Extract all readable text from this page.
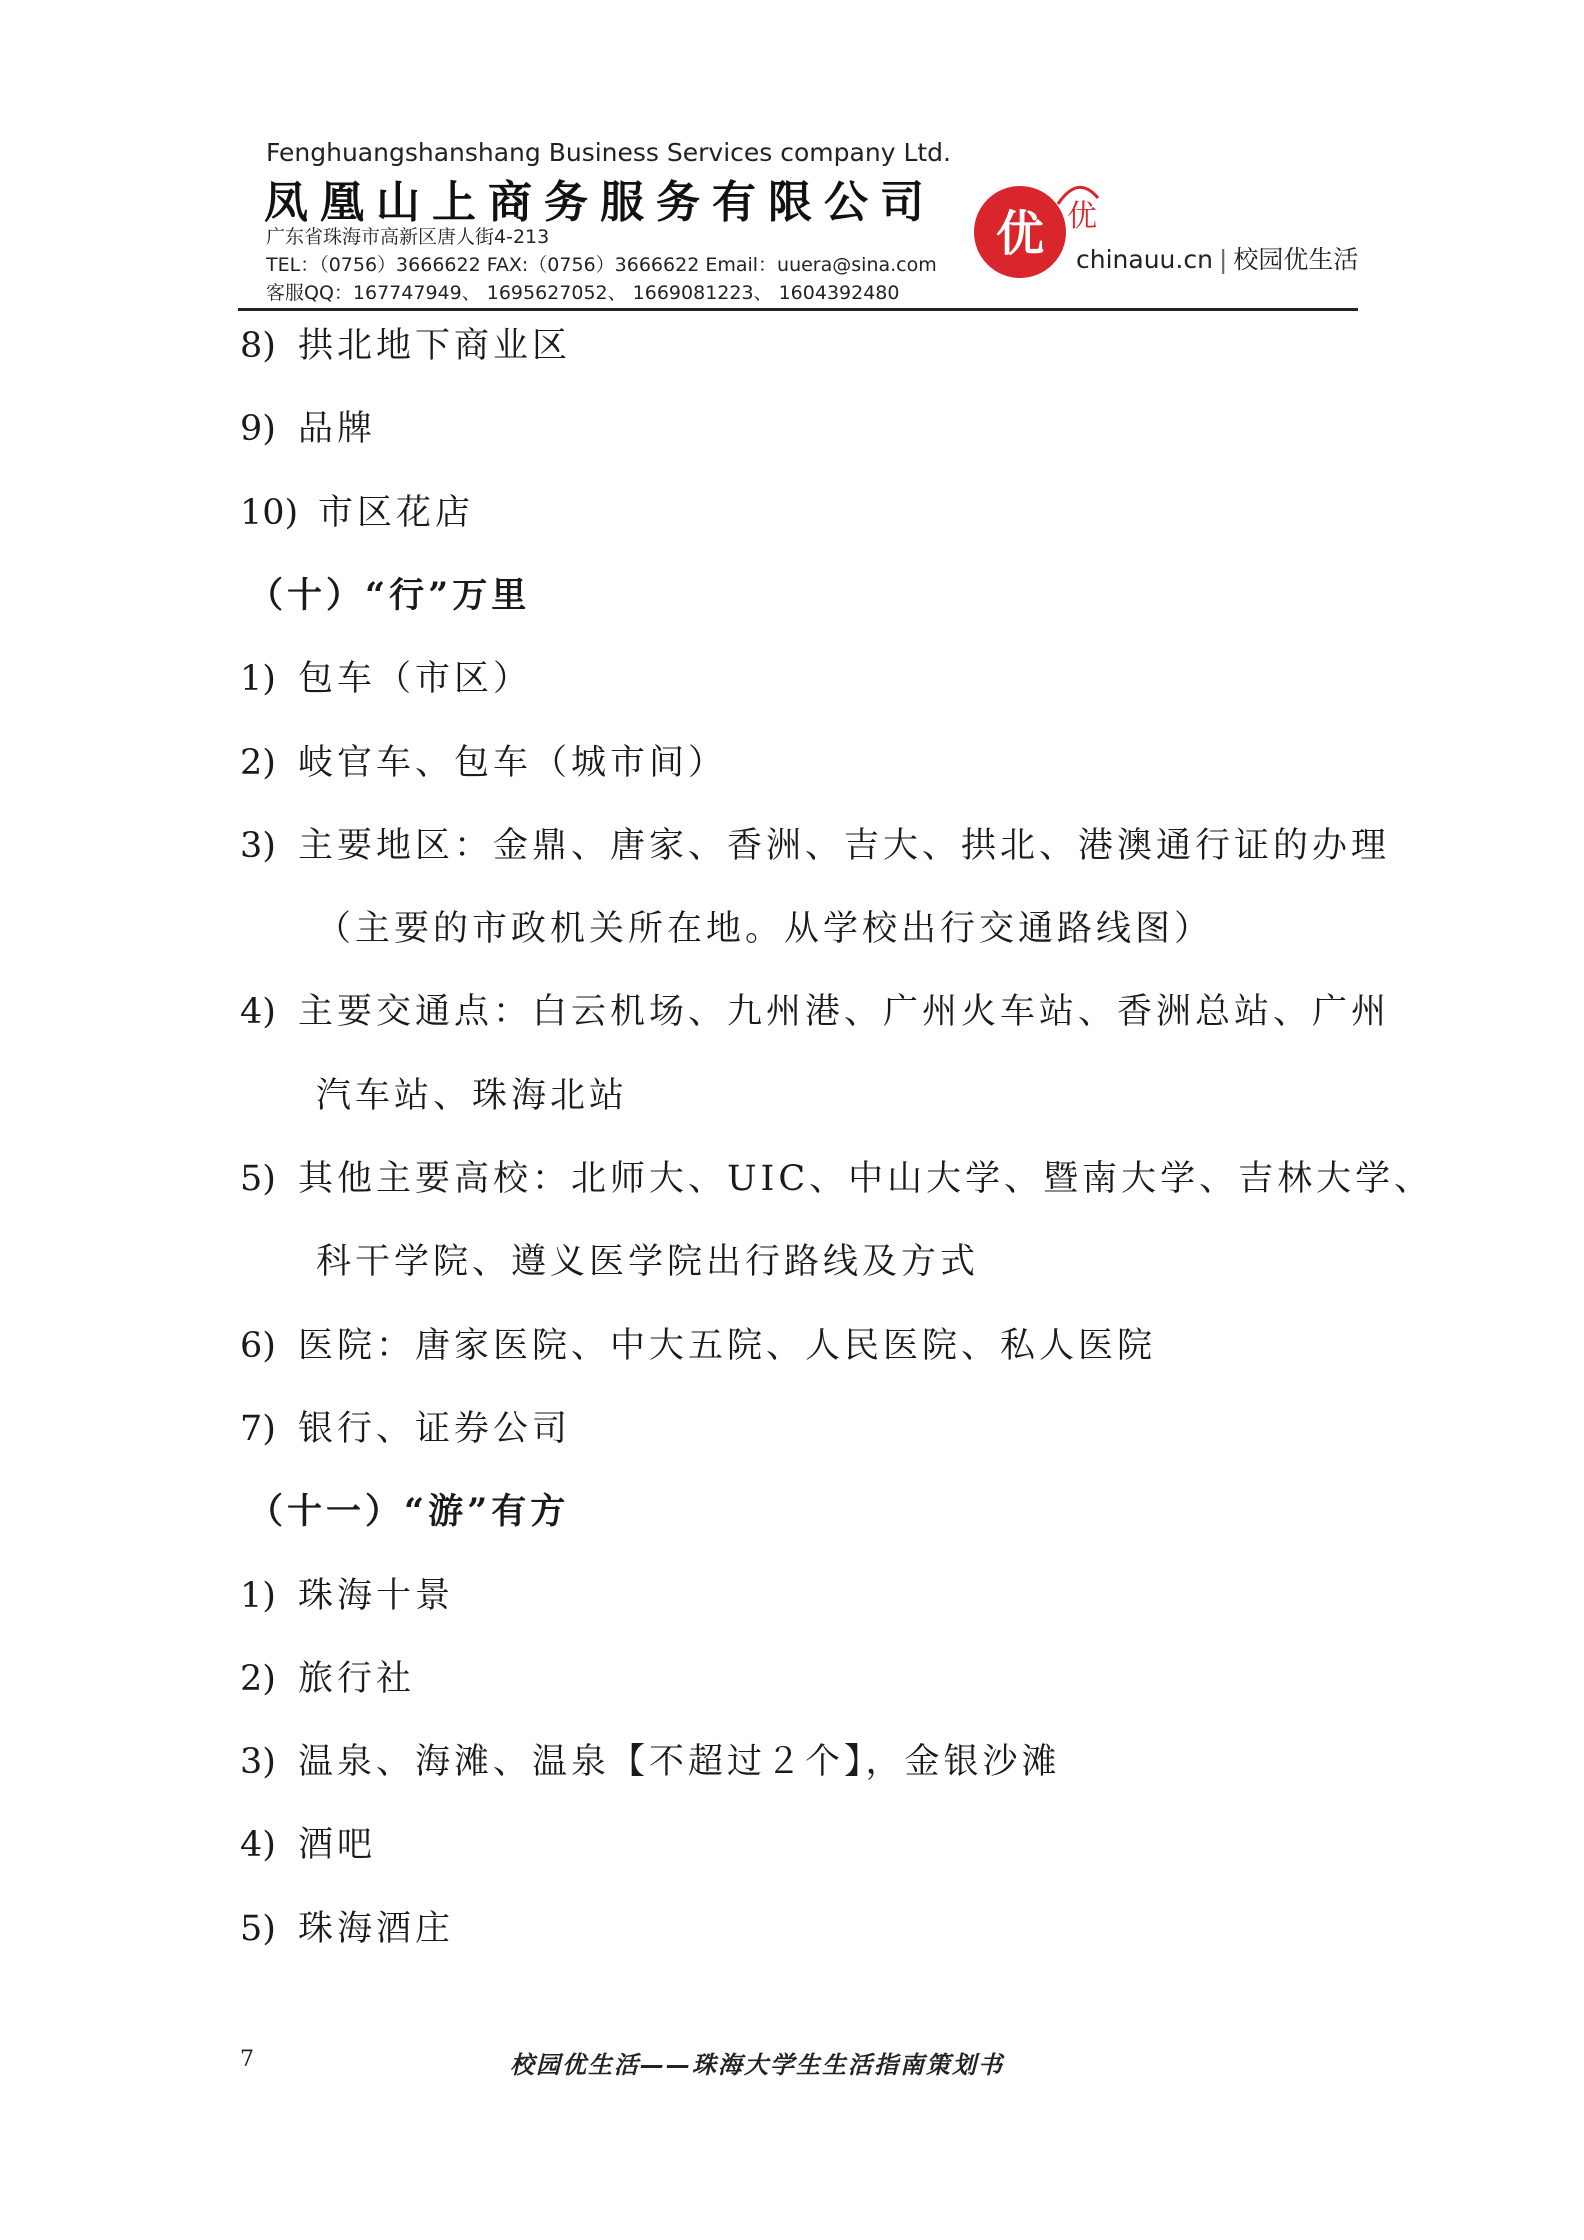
Fenghuangshanshang Business Services company Ltd.
凤凰山上商务服务有限公司
广东省珠海市高新区唐人街4-213
TEL：（0756）3666622 FAX:（0756）3666622 Email：uuera@sina.com
客服QQ：167747949、 1695627052、 1669081223、 1604392480
优 优
chinauu.cn | 校园优生活
8) 拱北地下商业区
9) 品牌
10) 市区花店
（十）“行”万里
1) 包车（市区）
2) 岐官车、包车（城市间）
3) 主要地区：金鼎、唐家、香洲、吉大、拱北、港澳通行证的办理
（主要的市政机关所在地。从学校出行交通路线图）
4) 主要交通点：白云机场、九州港、广州火车站、香洲总站、广州
汽车站、珠海北站
5) 其他主要高校：北师大、UIC、中山大学、暨南大学、吉林大学、
科干学院、遵义医学院出行路线及方式
6) 医院：唐家医院、中大五院、人民医院、私人医院
7) 银行、证券公司
（十一）“游”有方
1) 珠海十景
2) 旅行社
3) 温泉、海滩、温泉【不超过２个】，金银沙滩
4) 酒吧
5) 珠海酒庄
7	校园优生活——珠海大学生生活指南策划书
